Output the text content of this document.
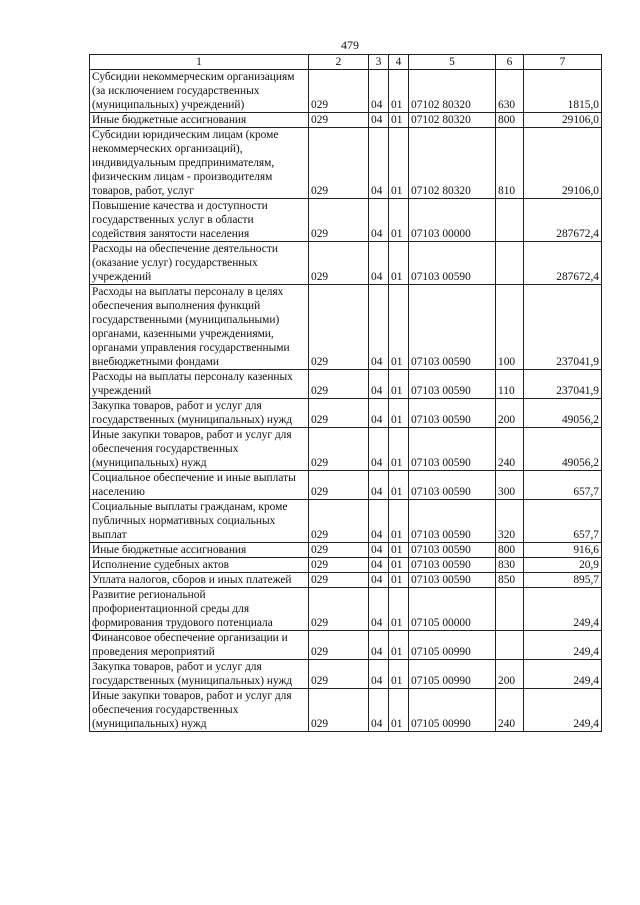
479
1	2	3	4	5	6	7
Субсидии некоммерческим организациям (за исключением государственных (муниципальных) учреждений)	029	04	01	07102 80320	630	1815,0
Иные бюджетные ассигнования	029	04	01	07102 80320	800	29106,0
Субсидии юридическим лицам (кроме некоммерческих организаций), индивидуальным предпринимателям, физическим лицам - производителям товаров, работ, услуг	029	04	01	07102 80320	810	29106,0
Повышение качества и доступности государственных услуг в области содействия занятости населения	029	04	01	07103 00000		287672,4
Расходы на обеспечение деятельности (оказание услуг) государственных учреждений	029	04	01	07103 00590		287672,4
Расходы на выплаты персоналу в целях обеспечения выполнения функций государственными (муниципальными) органами, казенными учреждениями, органами управления государственными внебюджетными фондами	029	04	01	07103 00590	100	237041,9
Расходы на выплаты персоналу казенных учреждений	029	04	01	07103 00590	110	237041,9
Закупка товаров, работ и услуг для государственных (муниципальных) нужд	029	04	01	07103 00590	200	49056,2
Иные закупки товаров, работ и услуг для обеспечения государственных (муниципальных) нужд	029	04	01	07103 00590	240	49056,2
Социальное обеспечение и иные выплаты населению	029	04	01	07103 00590	300	657,7
Социальные выплаты гражданам, кроме публичных нормативных социальных выплат	029	04	01	07103 00590	320	657,7
Иные бюджетные ассигнования	029	04	01	07103 00590	800	916,6
Исполнение судебных актов	029	04	01	07103 00590	830	20,9
Уплата налогов, сборов и иных платежей	029	04	01	07103 00590	850	895,7
Развитие региональной профориентационной среды для формирования трудового потенциала	029	04	01	07105 00000		249,4
Финансовое обеспечение организации и проведения мероприятий	029	04	01	07105 00990		249,4
Закупка товаров, работ и услуг для государственных (муниципальных) нужд	029	04	01	07105 00990	200	249,4
Иные закупки товаров, работ и услуг для обеспечения государственных (муниципальных) нужд	029	04	01	07105 00990	240	249,4
